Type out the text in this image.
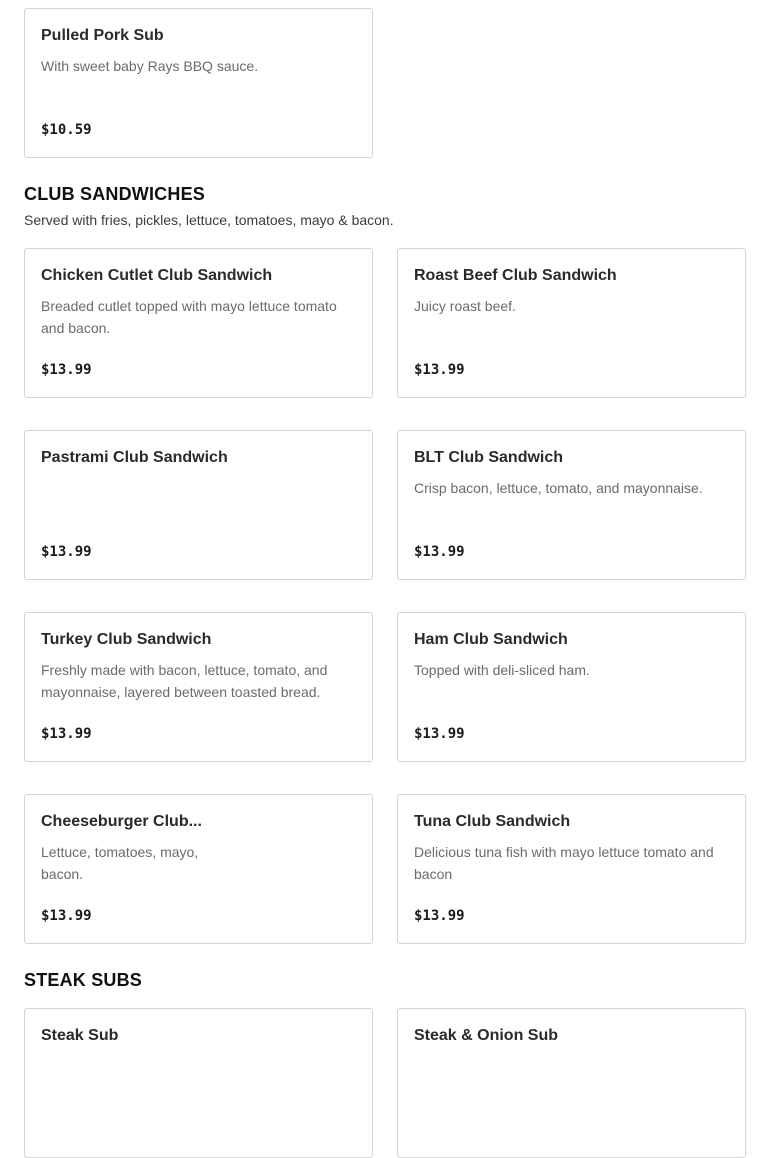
Pulled Pork Sub
With sweet baby Rays BBQ sauce.
$10.59
CLUB SANDWICHES
Served with fries, pickles, lettuce, tomatoes, mayo & bacon.
Chicken Cutlet Club Sandwich
Breaded cutlet topped with mayo lettuce tomato and bacon.
$13.99
Roast Beef Club Sandwich
Juicy roast beef.
$13.99
Pastrami Club Sandwich
$13.99
BLT Club Sandwich
Crisp bacon, lettuce, tomato, and mayonnaise.
$13.99
Turkey Club Sandwich
Freshly made with bacon, lettuce, tomato, and mayonnaise, layered between toasted bread.
$13.99
Ham Club Sandwich
Topped with deli-sliced ham.
$13.99
Cheeseburger Club...
Lettuce, tomatoes, mayo, bacon.
$13.99
Tuna Club Sandwich
Delicious tuna fish with mayo lettuce tomato and bacon
$13.99
STEAK SUBS
Steak Sub	Steak & Onion Sub
